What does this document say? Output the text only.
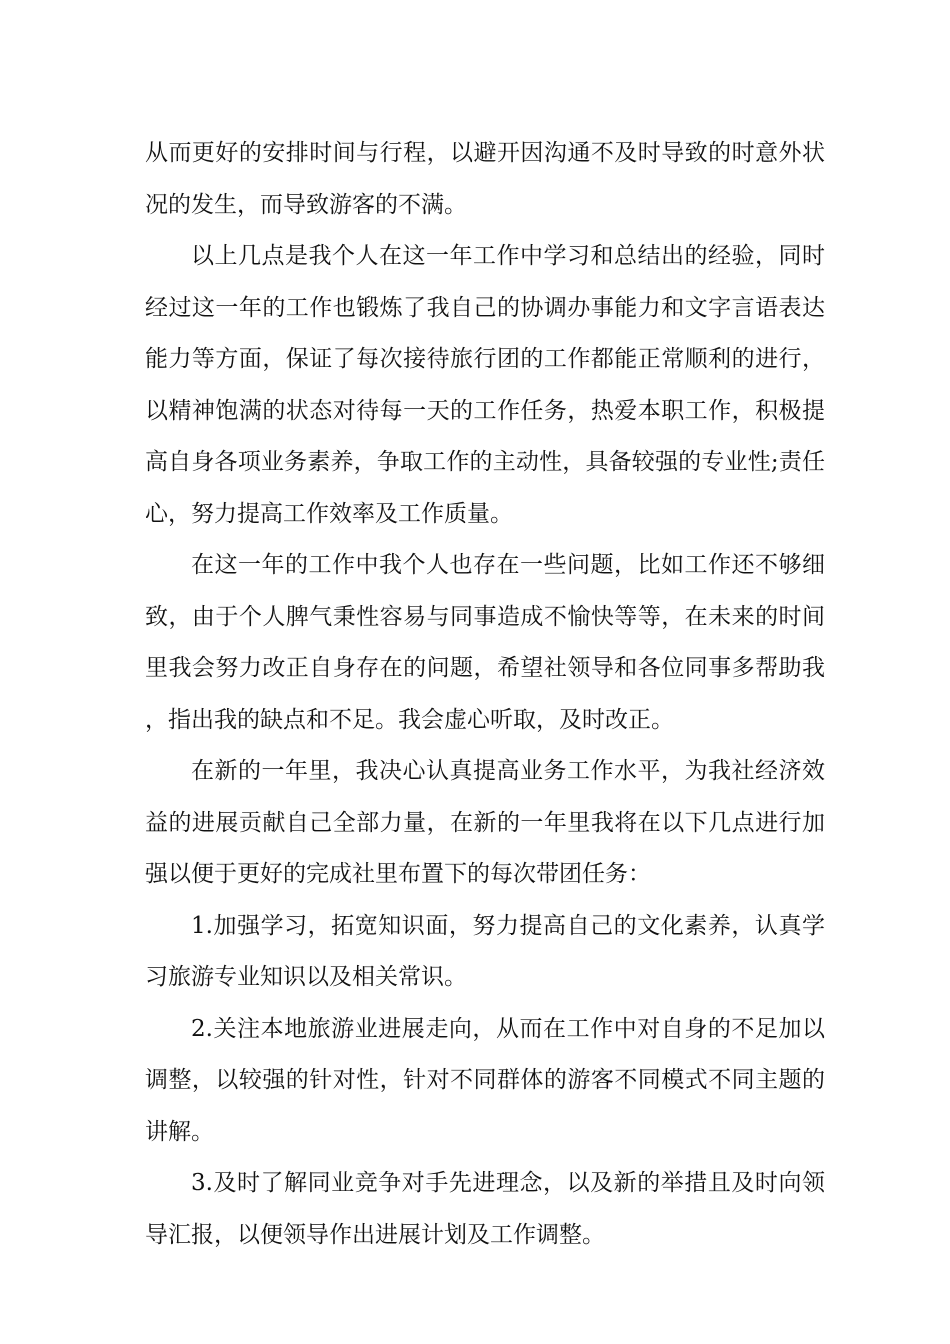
从而更好的安排时间与行程，以避开因沟通不及时导致的时意外状况的发生，而导致游客的不满。

以上几点是我个人在这一年工作中学习和总结出的经验，同时经过这一年的工作也锻炼了我自己的协调办事能力和文字言语表达能力等方面，保证了每次接待旅行团的工作都能正常顺利的进行，以精神饱满的状态对待每一天的工作任务，热爱本职工作，积极提高自身各项业务素养，争取工作的主动性，具备较强的专业性;责任心，努力提高工作效率及工作质量。

在这一年的工作中我个人也存在一些问题，比如工作还不够细致，由于个人脾气秉性容易与同事造成不愉快等等，在未来的时间里我会努力改正自身存在的问题，希望社领导和各位同事多帮助我，指出我的缺点和不足。我会虚心听取，及时改正。

在新的一年里，我决心认真提高业务工作水平，为我社经济效益的进展贡献自己全部力量，在新的一年里我将在以下几点进行加强以便于更好的完成社里布置下的每次带团任务：

1.加强学习，拓宽知识面，努力提高自己的文化素养，认真学习旅游专业知识以及相关常识。

2.关注本地旅游业进展走向，从而在工作中对自身的不足加以调整，以较强的针对性，针对不同群体的游客不同模式不同主题的讲解。

3.及时了解同业竞争对手先进理念，以及新的举措且及时向领导汇报，以便领导作出进展计划及工作调整。
